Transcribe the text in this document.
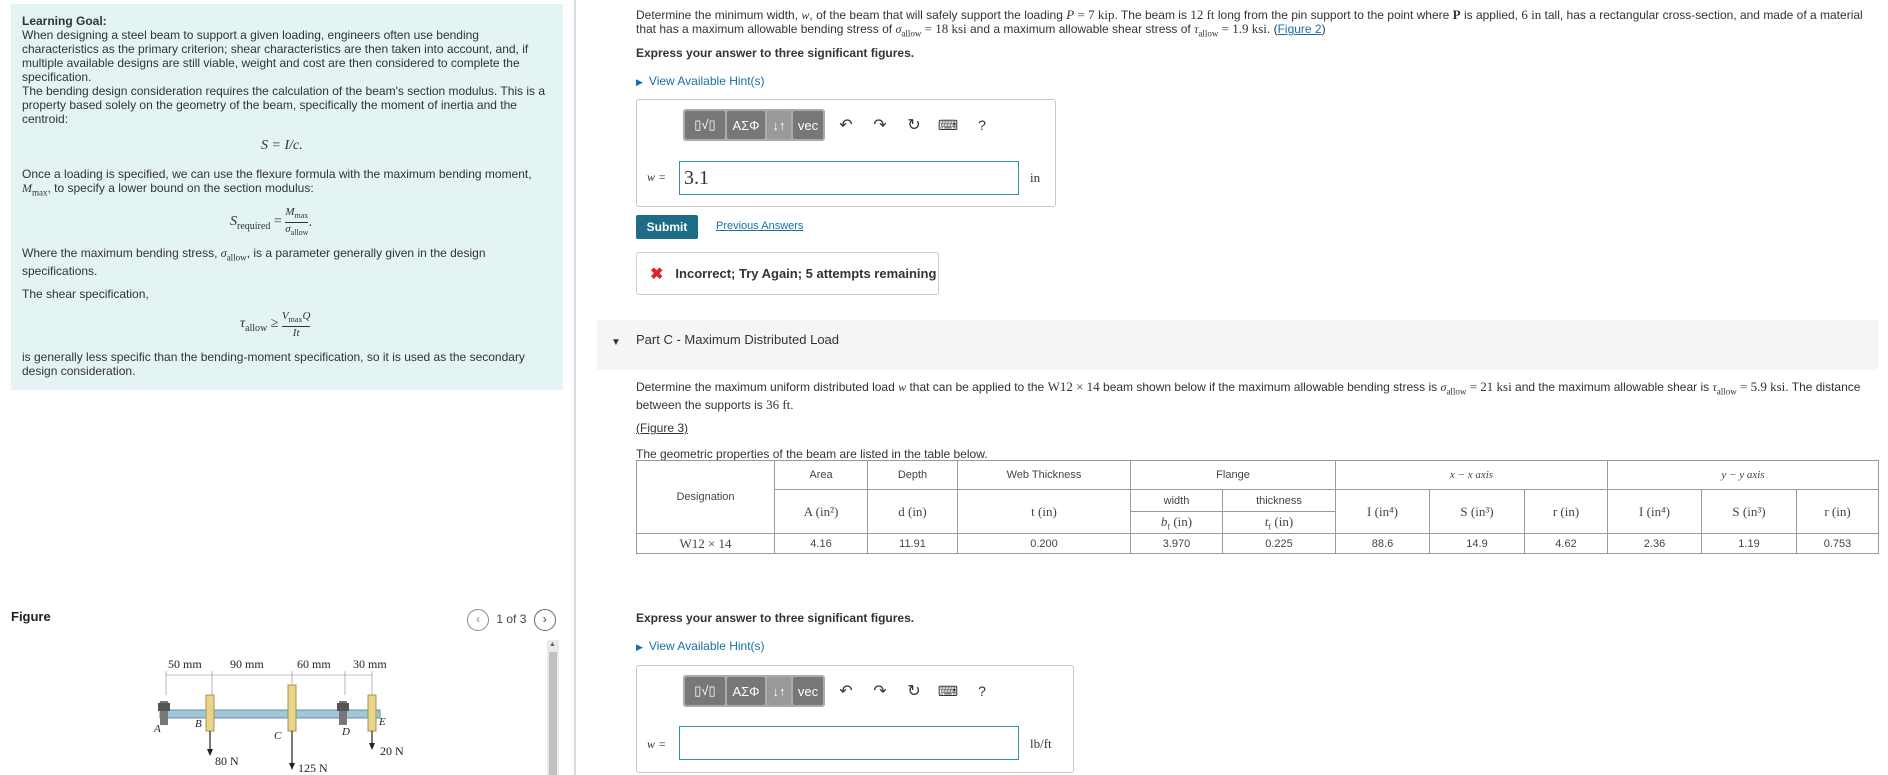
Learning Goal:
When designing a steel beam to support a given loading, engineers often use bending characteristics as the primary criterion; shear characteristics are then taken into account, and, if multiple available designs are still viable, weight and cost are then considered to complete the specification.
The bending design consideration requires the calculation of the beam's section modulus. This is a property based solely on the geometry of the beam, specifically the moment of inertia and the centroid:
S = I/c.
Once a loading is specified, we can use the flexure formula with the maximum bending moment,
$M_{max}$, to specify a lower bound on the section modulus:
$S_{required}$ =
$M_{max}$
$\sigma_{allow}$
.
Where the maximum bending stress, $\sigma_{allow}$, is a parameter generally given in the design specifications.
The shear specification,
$\tau_{allow} \ge V_{max}Q$
It
is generally less specific than the bending-moment specification, so it is used as the secondary design consideration.
Figure	‹ 1 of 3 ›
50 mm 90 mm	60 mm 30 mm
A	B
C	D
E
80 N	125 N
20 N
▲
Determine the minimum width, w, of the beam that will safely support the loading P = 7 kip. The beam is 12 ft long from the pin support to the point where P is applied, 6 in tall, has a rectangular cross-section, and made of a material
that has a maximum allowable bending stress of $\sigma_{allow} = 18$ ksi and a maximum allowable shear stress of $\tau_{allow} = 1.9$ ksi. (Figure 2)
Express your answer to three significant figures.
▶ View Available Hint(s)
▯√▯	ΑΣΦ ↓↑ vec	↶	↷	↻	⌨	?
w = 3.1	in
Submit	Previous Answers
✖ Incorrect; Try Again; 5 attempts remaining
▼ Part C - Maximum Distributed Load
Determine the maximum uniform distributed load w that can be applied to the W12 × 14 beam shown below if the maximum allowable bending stress is $\sigma_{allow} = 21$ ksi and the maximum allowable shear is $\tau_{allow} = 5.9$ ksi. The distance
between the supports is 36 ft.
(Figure 3)
The geometric properties of the beam are listed in the table below.
Designation	Area	Depth	Web Thickness	Flange		x − x axis			y − y axis		
	A (in²)	d (in)	t (in)	width	thickness	I (in⁴)	S (in³)	r (in)	I (in⁴)	S (in³)	r (in)
				$b_f$ (in)	$t_f$ (in)						
W12 × 14	4.16	11.91	0.200	3.970	0.225	88.6	14.9	4.62	2.36	1.19	0.753
Express your answer to three significant figures.
▶ View Available Hint(s)
▯√▯	ΑΣΦ ↓↑ vec	↶	↷	↻	⌨	?
w =	lb/ft
